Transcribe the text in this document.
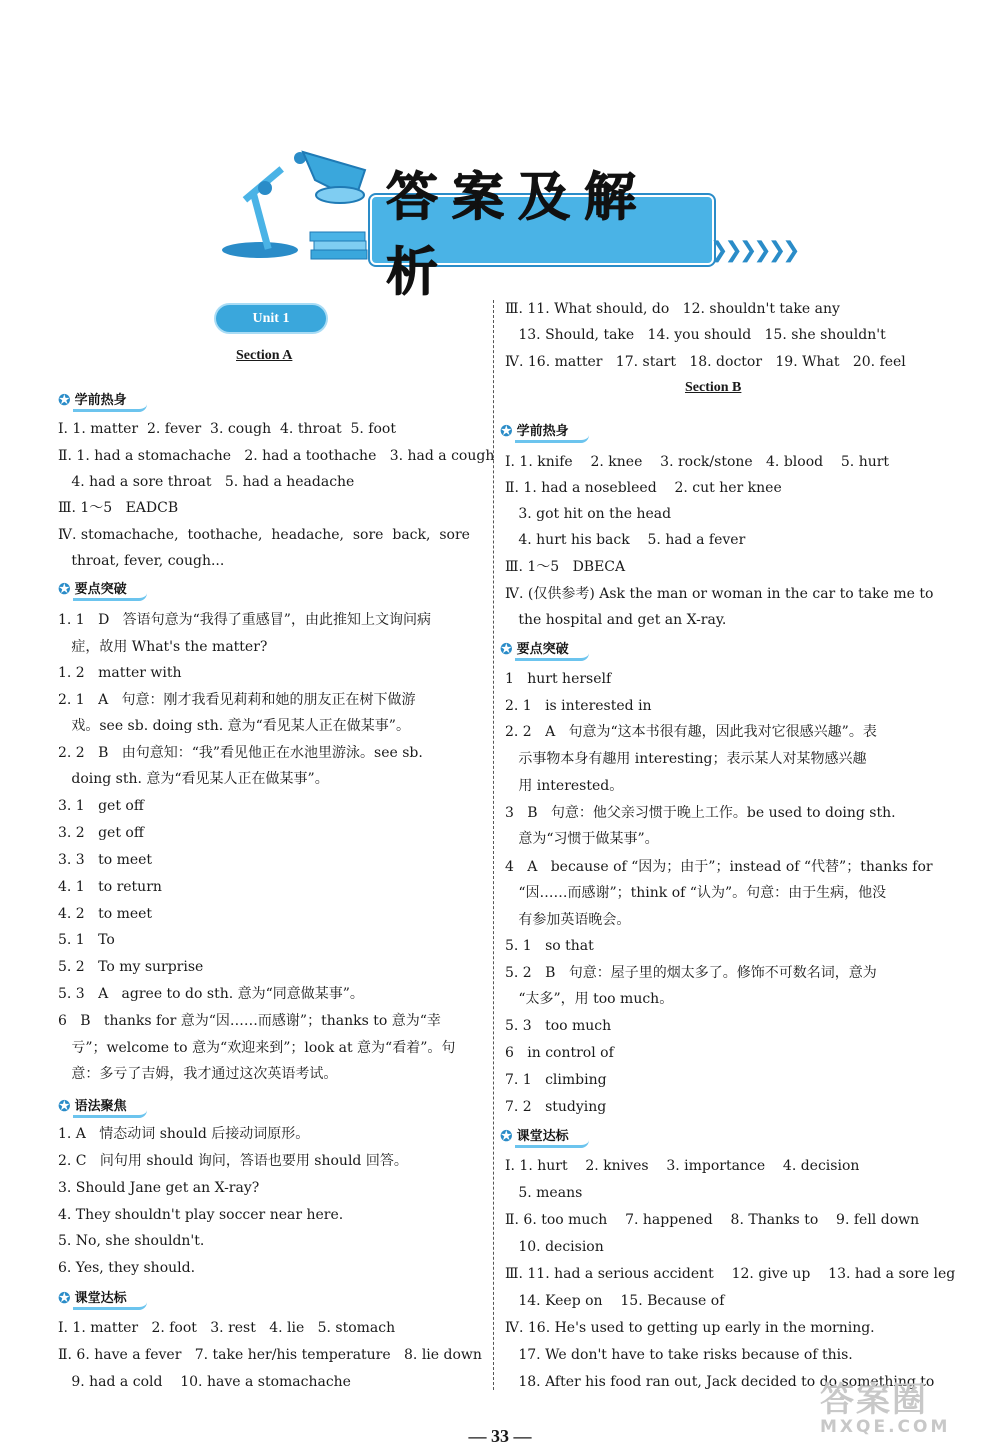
答案及解析	❯❯❯❯❯❯
Unit 1
Section A
✪ 学前热身
✪ 要点突破
✪ 语法聚焦
✪ 课堂达标
Ⅰ. 1. matter  2. fever  3. cough  4. throat  5. foot
Ⅱ. 1. had a stomachache   2. had a toothache   3. had a cough
4. had a sore throat   5. had a headache
Ⅲ. 1～5   EADCB
Ⅳ. stomachache,  toothache,  headache,  sore  back,  sore
throat, fever, cough...
1. 1   D   答语句意为“我得了重感冒”，由此推知上文询问病
症，故用 What's the matter?
1. 2   matter with
2. 1   A   句意：刚才我看见莉莉和她的朋友正在树下做游
戏。see sb. doing sth. 意为“看见某人正在做某事”。
2. 2   B   由句意知：“我”看见他正在水池里游泳。see sb.
doing sth. 意为“看见某人正在做某事”。
3. 1   get off
3. 2   get off
3. 3   to meet
4. 1   to return
4. 2   to meet
5. 1   To
5. 2   To my surprise
5. 3   A   agree to do sth. 意为“同意做某事”。
6   B   thanks for 意为“因……而感谢”；thanks to 意为“幸
亏”；welcome to 意为“欢迎来到”；look at 意为“看着”。句
意：多亏了吉姆，我才通过这次英语考试。
1. A   情态动词 should 后接动词原形。
2. C   问句用 should 询问，答语也要用 should 回答。
3. Should Jane get an X-ray?
4. They shouldn't play soccer near here.
5. No, she shouldn't.
6. Yes, they should.
Ⅰ. 1. matter   2. foot   3. rest   4. lie   5. stomach
Ⅱ. 6. have a fever   7. take her/his temperature   8. lie down
9. had a cold    10. have a stomachache
Section B
✪ 学前热身
✪ 要点突破
✪ 课堂达标
Ⅲ. 11. What should, do   12. shouldn't take any
13. Should, take   14. you should   15. she shouldn't
Ⅳ. 16. matter   17. start   18. doctor   19. What   20. feel
Ⅰ. 1. knife    2. knee    3. rock/stone   4. blood    5. hurt
Ⅱ. 1. had a nosebleed    2. cut her knee
3. got hit on the head
4. hurt his back    5. had a fever
Ⅲ. 1～5   DBECA
Ⅳ. (仅供参考) Ask the man or woman in the car to take me to
the hospital and get an X-ray.
1   hurt herself
2. 1   is interested in
2. 2   A   句意为“这本书很有趣，因此我对它很感兴趣”。表
示事物本身有趣用 interesting；表示某人对某物感兴趣
用 interested。
3   B   句意：他父亲习惯于晚上工作。be used to doing sth.
意为“习惯于做某事”。
4   A   because of “因为；由于”；instead of “代替”；thanks for
“因……而感谢”；think of “认为”。句意：由于生病，他没
有参加英语晚会。
5. 1   so that
5. 2   B   句意：屋子里的烟太多了。修饰不可数名词，意为
“太多”，用 too much。
5. 3   too much
6   in control of
7. 1   climbing
7. 2   studying
Ⅰ. 1. hurt    2. knives    3. importance    4. decision
5. means
Ⅱ. 6. too much    7. happened    8. Thanks to    9. fell down
10. decision
Ⅲ. 11. had a serious accident    12. give up    13. had a sore leg
14. Keep on    15. Because of
Ⅳ. 16. He's used to getting up early in the morning.
17. We don't have to take risks because of this.
18. After his food ran out, Jack decided to do something to
— 33 —
答案圈
MXQE.COM
